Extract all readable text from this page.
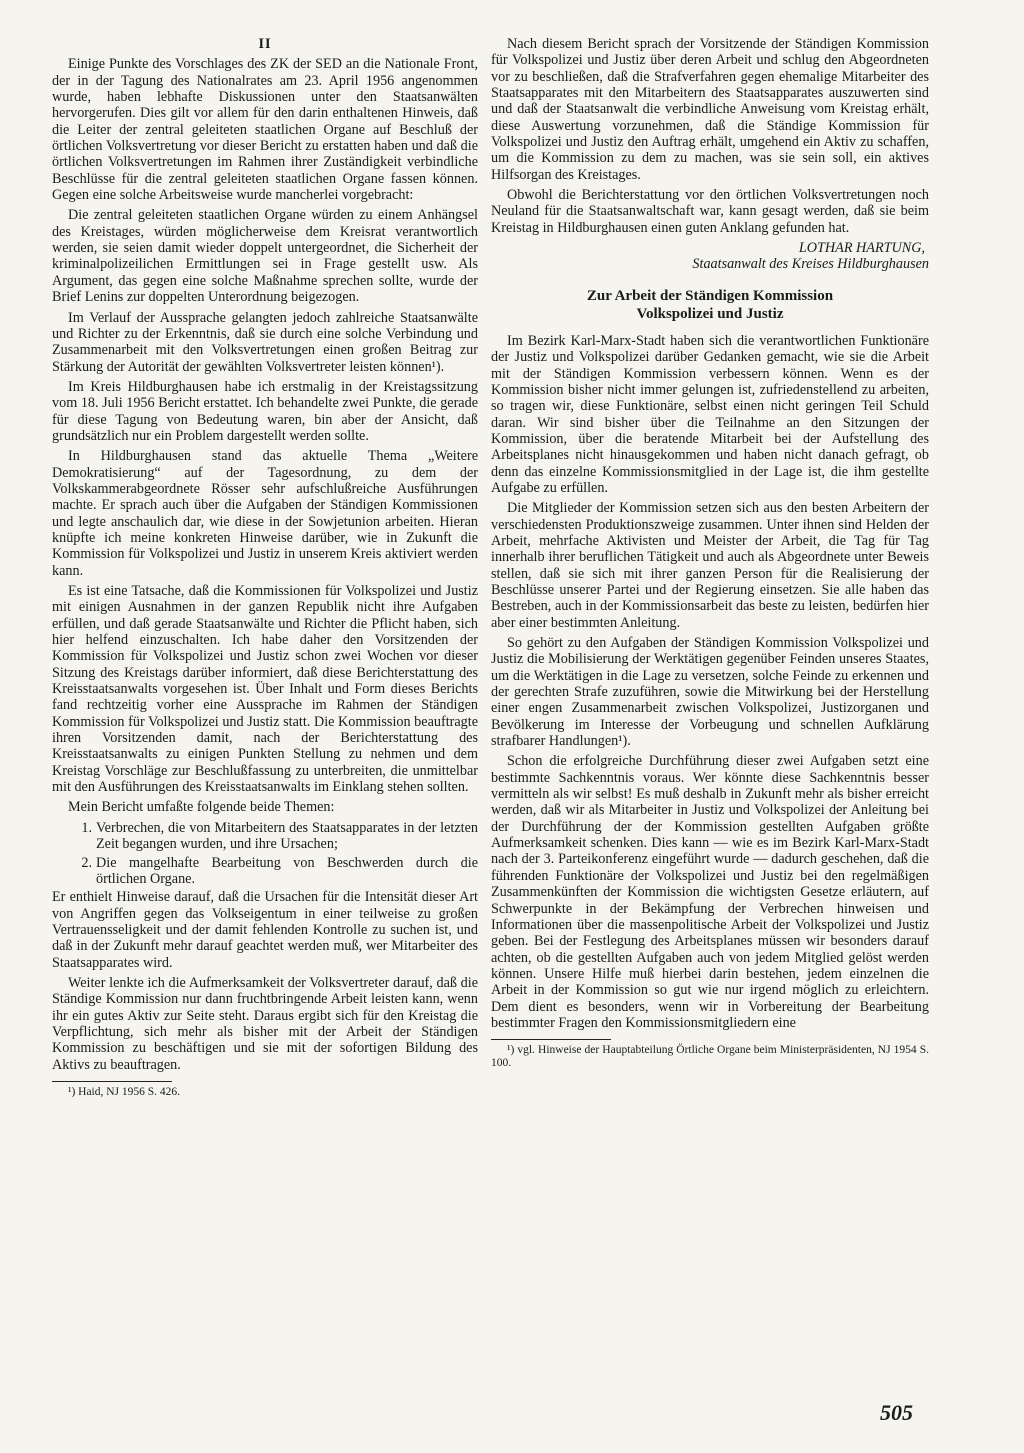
II

Einige Punkte des Vorschlages des ZK der SED an die Nationale Front, der in der Tagung des Nationalrates am 23. April 1956 angenommen wurde, haben lebhafte Diskussionen unter den Staatsanwälten hervorgerufen. Dies gilt vor allem für den darin enthaltenen Hinweis, daß die Leiter der zentral geleiteten staatlichen Organe auf Beschluß der örtlichen Volksvertretung vor dieser Bericht zu erstatten haben und daß die örtlichen Volksvertretungen im Rahmen ihrer Zuständigkeit verbindliche Beschlüsse für die zentral geleiteten staatlichen Organe fassen können. Gegen eine solche Arbeitsweise wurde mancherlei vorgebracht:

Die zentral geleiteten staatlichen Organe würden zu einem Anhängsel des Kreistages, würden möglicherweise dem Kreisrat verantwortlich werden, sie seien damit wieder doppelt untergeordnet, die Sicherheit der kriminalpolizeilichen Ermittlungen sei in Frage gestellt usw. Als Argument, das gegen eine solche Maßnahme sprechen sollte, wurde der Brief Lenins zur doppelten Unterordnung beigezogen.

Im Verlauf der Aussprache gelangten jedoch zahlreiche Staatsanwälte und Richter zu der Erkenntnis, daß sie durch eine solche Verbindung und Zusammenarbeit mit den Volksvertretungen einen großen Beitrag zur Stärkung der Autorität der gewählten Volksvertreter leisten können¹).

Im Kreis Hildburghausen habe ich erstmalig in der Kreistagssitzung vom 18. Juli 1956 Bericht erstattet. Ich behandelte zwei Punkte, die gerade für diese Tagung von Bedeutung waren, bin aber der Ansicht, daß grundsätzlich nur ein Problem dargestellt werden sollte.

In Hildburghausen stand das aktuelle Thema „Weitere Demokratisierung“ auf der Tagesordnung, zu dem der Volkskammerabgeordnete Rösser sehr aufschlußreiche Ausführungen machte. Er sprach auch über die Aufgaben der Ständigen Kommissionen und legte anschaulich dar, wie diese in der Sowjetunion arbeiten. Hieran knüpfte ich meine konkreten Hinweise darüber, wie in Zukunft die Kommission für Volkspolizei und Justiz in unserem Kreis aktiviert werden kann.

Es ist eine Tatsache, daß die Kommissionen für Volkspolizei und Justiz mit einigen Ausnahmen in der ganzen Republik nicht ihre Aufgaben erfüllen, und daß gerade Staatsanwälte und Richter die Pflicht haben, sich hier helfend einzuschalten. Ich habe daher den Vorsitzenden der Kommission für Volkspolizei und Justiz schon zwei Wochen vor dieser Sitzung des Kreistags darüber informiert, daß diese Berichterstattung des Kreisstaatsanwalts vorgesehen ist. Über Inhalt und Form dieses Berichts fand rechtzeitig vorher eine Aussprache im Rahmen der Ständigen Kommission für Volkspolizei und Justiz statt. Die Kommission beauftragte ihren Vorsitzenden damit, nach der Berichterstattung des Kreisstaatsanwalts zu einigen Punkten Stellung zu nehmen und dem Kreistag Vorschläge zur Beschlußfassung zu unterbreiten, die unmittelbar mit den Ausführungen des Kreisstaatsanwalts im Einklang stehen sollten.

Mein Bericht umfaßte folgende beide Themen:

1. Verbrechen, die von Mitarbeitern des Staatsapparates in der letzten Zeit begangen wurden, und ihre Ursachen;
2. Die mangelhafte Bearbeitung von Beschwerden durch die örtlichen Organe.

Er enthielt Hinweise darauf, daß die Ursachen für die Intensität dieser Art von Angriffen gegen das Volkseigentum in einer teilweise zu großen Vertrauensseligkeit und der damit fehlenden Kontrolle zu suchen ist, und daß in der Zukunft mehr darauf geachtet werden muß, wer Mitarbeiter des Staatsapparates wird.

Weiter lenkte ich die Aufmerksamkeit der Volksvertreter darauf, daß die Ständige Kommission nur dann fruchtbringende Arbeit leisten kann, wenn ihr ein gutes Aktiv zur Seite steht. Daraus ergibt sich für den Kreistag die Verpflichtung, sich mehr als bisher mit der Arbeit der Ständigen Kommission zu beschäftigen und sie mit der sofortigen Bildung des Aktivs zu beauftragen.

¹) Haid, NJ 1956 S. 426.

Nach diesem Bericht sprach der Vorsitzende der Ständigen Kommission für Volkspolizei und Justiz über deren Arbeit und schlug den Abgeordneten vor zu beschließen, daß die Strafverfahren gegen ehemalige Mitarbeiter des Staatsapparates mit den Mitarbeitern des Staatsapparates auszuwerten sind und daß der Staatsanwalt die verbindliche Anweisung vom Kreistag erhält, diese Auswertung vorzunehmen, daß die Ständige Kommission für Volkspolizei und Justiz den Auftrag erhält, umgehend ein Aktiv zu schaffen, um die Kommission zu dem zu machen, was sie sein soll, ein aktives Hilfsorgan des Kreistages.

Obwohl die Berichterstattung vor den örtlichen Volksvertretungen noch Neuland für die Staatsanwaltschaft war, kann gesagt werden, daß sie beim Kreistag in Hildburghausen einen guten Anklang gefunden hat.

LOTHAR HARTUNG,
Staatsanwalt des Kreises Hildburghausen
Zur Arbeit der Ständigen Kommission
Volkspolizei und Justiz

Im Bezirk Karl-Marx-Stadt haben sich die verantwortlichen Funktionäre der Justiz und Volkspolizei darüber Gedanken gemacht, wie sie die Arbeit mit der Ständigen Kommission verbessern können. Wenn es der Kommission bisher nicht immer gelungen ist, zufriedenstellend zu arbeiten, so tragen wir, diese Funktionäre, selbst einen nicht geringen Teil Schuld daran. Wir sind bisher über die Teilnahme an den Sitzungen der Kommission, über die beratende Mitarbeit bei der Aufstellung des Arbeitsplanes nicht hinausgekommen und haben nicht danach gefragt, ob denn das einzelne Kommissionsmitglied in der Lage ist, die ihm gestellte Aufgabe zu erfüllen.

Die Mitglieder der Kommission setzen sich aus den besten Arbeitern der verschiedensten Produktionszweige zusammen. Unter ihnen sind Helden der Arbeit, mehrfache Aktivisten und Meister der Arbeit, die Tag für Tag innerhalb ihrer beruflichen Tätigkeit und auch als Abgeordnete unter Beweis stellen, daß sie sich mit ihrer ganzen Person für die Realisierung der Beschlüsse unserer Partei und der Regierung einsetzen. Sie alle haben das Bestreben, auch in der Kommissionsarbeit das beste zu leisten, bedürfen hier aber einer bestimmten Anleitung.

So gehört zu den Aufgaben der Ständigen Kommission Volkspolizei und Justiz die Mobilisierung der Werktätigen gegenüber Feinden unseres Staates, um die Werktätigen in die Lage zu versetzen, solche Feinde zu erkennen und der gerechten Strafe zuzuführen, sowie die Mitwirkung bei der Herstellung einer engen Zusammenarbeit zwischen Volkspolizei, Justizorganen und Bevölkerung im Interesse der Vorbeugung und schnellen Aufklärung strafbarer Handlungen¹).

Schon die erfolgreiche Durchführung dieser zwei Aufgaben setzt eine bestimmte Sachkenntnis voraus. Wer könnte diese Sachkenntnis besser vermitteln als wir selbst! Es muß deshalb in Zukunft mehr als bisher erreicht werden, daß wir als Mitarbeiter in Justiz und Volkspolizei der Anleitung bei der Durchführung der der Kommission gestellten Aufgaben größte Aufmerksamkeit schenken. Dies kann — wie es im Bezirk Karl-Marx-Stadt nach der 3. Parteikonferenz eingeführt wurde — dadurch geschehen, daß die führenden Funktionäre der Volkspolizei und Justiz bei den regelmäßigen Zusammenkünften der Kommission die wichtigsten Gesetze erläutern, auf Schwerpunkte in der Bekämpfung der Verbrechen hinweisen und Informationen über die massenpolitische Arbeit der Volkspolizei und Justiz geben. Bei der Festlegung des Arbeitsplanes müssen wir besonders darauf achten, ob die gestellten Aufgaben auch von jedem Mitglied gelöst werden können. Unsere Hilfe muß hierbei darin bestehen, jedem einzelnen die Arbeit in der Kommission so gut wie nur irgend möglich zu erleichtern. Dem dient es besonders, wenn wir in Vorbereitung der Bearbeitung bestimmter Fragen den Kommissionsmitgliedern eine

¹) vgl. Hinweise der Hauptabteilung Örtliche Organe beim Ministerpräsidenten, NJ 1954 S. 100.

505
